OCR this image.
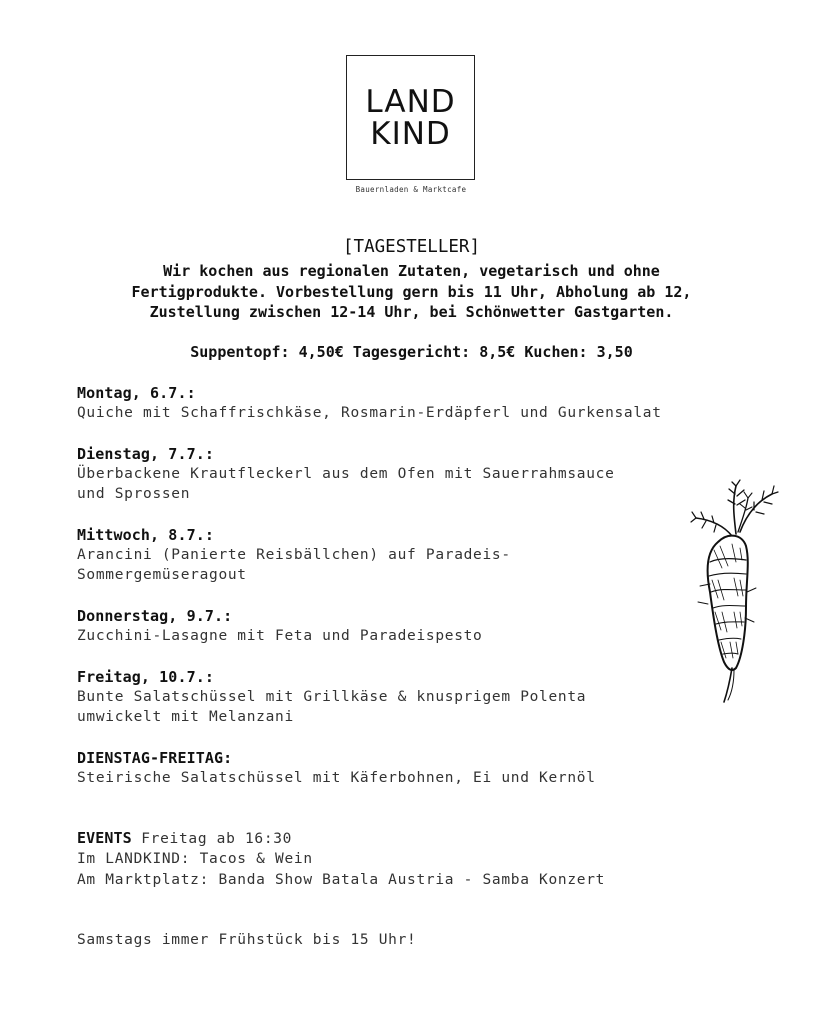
LAND
KIND
Bauernladen & Marktcafe
[TAGESTELLER]
Wir kochen aus regionalen Zutaten, vegetarisch und ohne
Fertigprodukte. Vorbestellung gern bis 11 Uhr, Abholung ab 12,
Zustellung zwischen 12-14 Uhr, bei Schönwetter Gastgarten.
Suppentopf: 4,50€ Tagesgericht: 8,5€ Kuchen: 3,50
Montag, 6.7.:
Quiche mit Schaffrischkäse, Rosmarin-Erdäpferl und Gurkensalat
Dienstag, 7.7.:
Überbackene Krautfleckerl aus dem Ofen mit Sauerrahmsauce
und Sprossen
Mittwoch, 8.7.:
Arancini (Panierte Reisbällchen) auf Paradeis-
Sommergemüseragout
Donnerstag, 9.7.:
Zucchini-Lasagne mit Feta und Paradeispesto
Freitag, 10.7.:
Bunte Salatschüssel mit Grillkäse & knusprigem Polenta
umwickelt mit Melanzani
DIENSTAG-FREITAG:
Steirische Salatschüssel mit Käferbohnen, Ei und Kernöl
EVENTS Freitag ab 16:30
Im LANDKIND: Tacos & Wein
Am Marktplatz: Banda Show Batala Austria - Samba Konzert
Samstags immer Frühstück bis 15 Uhr!
